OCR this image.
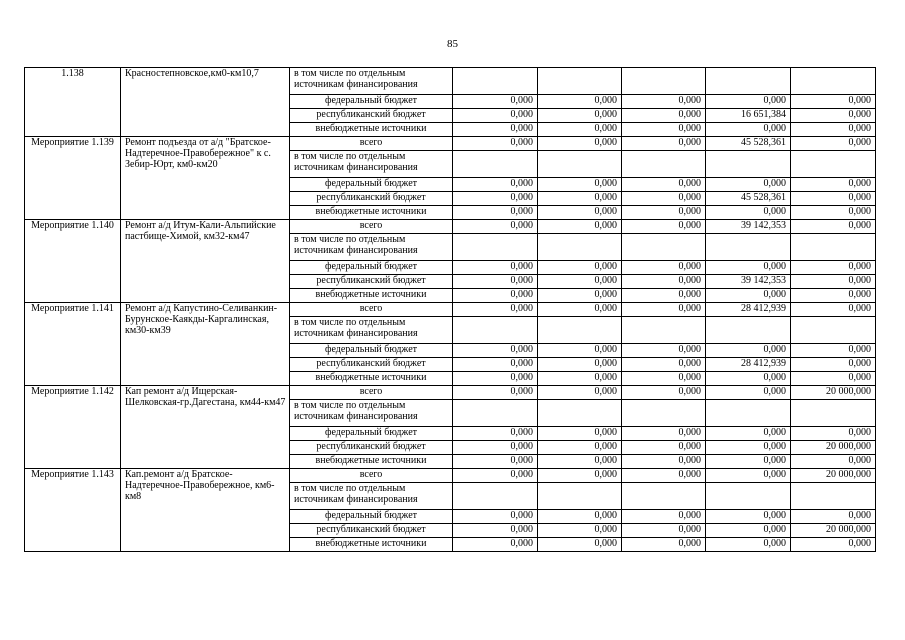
85
1.138	Красностепновское,км0-км10,7	в том числе по отдельным источникам финансирования					
		федеральный бюджет	0,000	0,000	0,000	0,000	0,000
		республиканский бюджет	0,000	0,000	0,000	16 651,384	0,000
		внебюджетные источники	0,000	0,000	0,000	0,000	0,000
Мероприятие 1.139	Ремонт подъезда от а/д "Братское-Надтеречное-Правобережное" к с. Зебир-Юрт, км0-км20	всего	0,000	0,000	0,000	45 528,361	0,000
		в том числе по отдельным источникам финансирования					
		федеральный бюджет	0,000	0,000	0,000	0,000	0,000
		республиканский бюджет	0,000	0,000	0,000	45 528,361	0,000
		внебюджетные источники	0,000	0,000	0,000	0,000	0,000
Мероприятие 1.140	Ремонт а/д Итум-Кали-Альпийские пастбище-Химой, км32-км47	всего	0,000	0,000	0,000	39 142,353	0,000
		в том числе по отдельным источникам финансирования					
		федеральный бюджет	0,000	0,000	0,000	0,000	0,000
		республиканский бюджет	0,000	0,000	0,000	39 142,353	0,000
		внебюджетные источники	0,000	0,000	0,000	0,000	0,000
Мероприятие 1.141	Ремонт а/д Капустино-Селиванкин-Бурунское-Каякды-Каргалинская, км30-км39	всего	0,000	0,000	0,000	28 412,939	0,000
		в том числе по отдельным источникам финансирования					
		федеральный бюджет	0,000	0,000	0,000	0,000	0,000
		республиканский бюджет	0,000	0,000	0,000	28 412,939	0,000
		внебюджетные источники	0,000	0,000	0,000	0,000	0,000
Мероприятие 1.142	Кап ремонт а/д Ищерская-Шелковская-гр.Дагестана, км44-км47	всего	0,000	0,000	0,000	0,000	20 000,000
		в том числе по отдельным источникам финансирования					
		федеральный бюджет	0,000	0,000	0,000	0,000	0,000
		республиканский бюджет	0,000	0,000	0,000	0,000	20 000,000
		внебюджетные источники	0,000	0,000	0,000	0,000	0,000
Мероприятие 1.143	Кап.ремонт а/д Братское-Надтеречное-Правобережное, км6-км8	всего	0,000	0,000	0,000	0,000	20 000,000
		в том числе по отдельным источникам финансирования					
		федеральный бюджет	0,000	0,000	0,000	0,000	0,000
		республиканский бюджет	0,000	0,000	0,000	0,000	20 000,000
		внебюджетные источники	0,000	0,000	0,000	0,000	0,000
